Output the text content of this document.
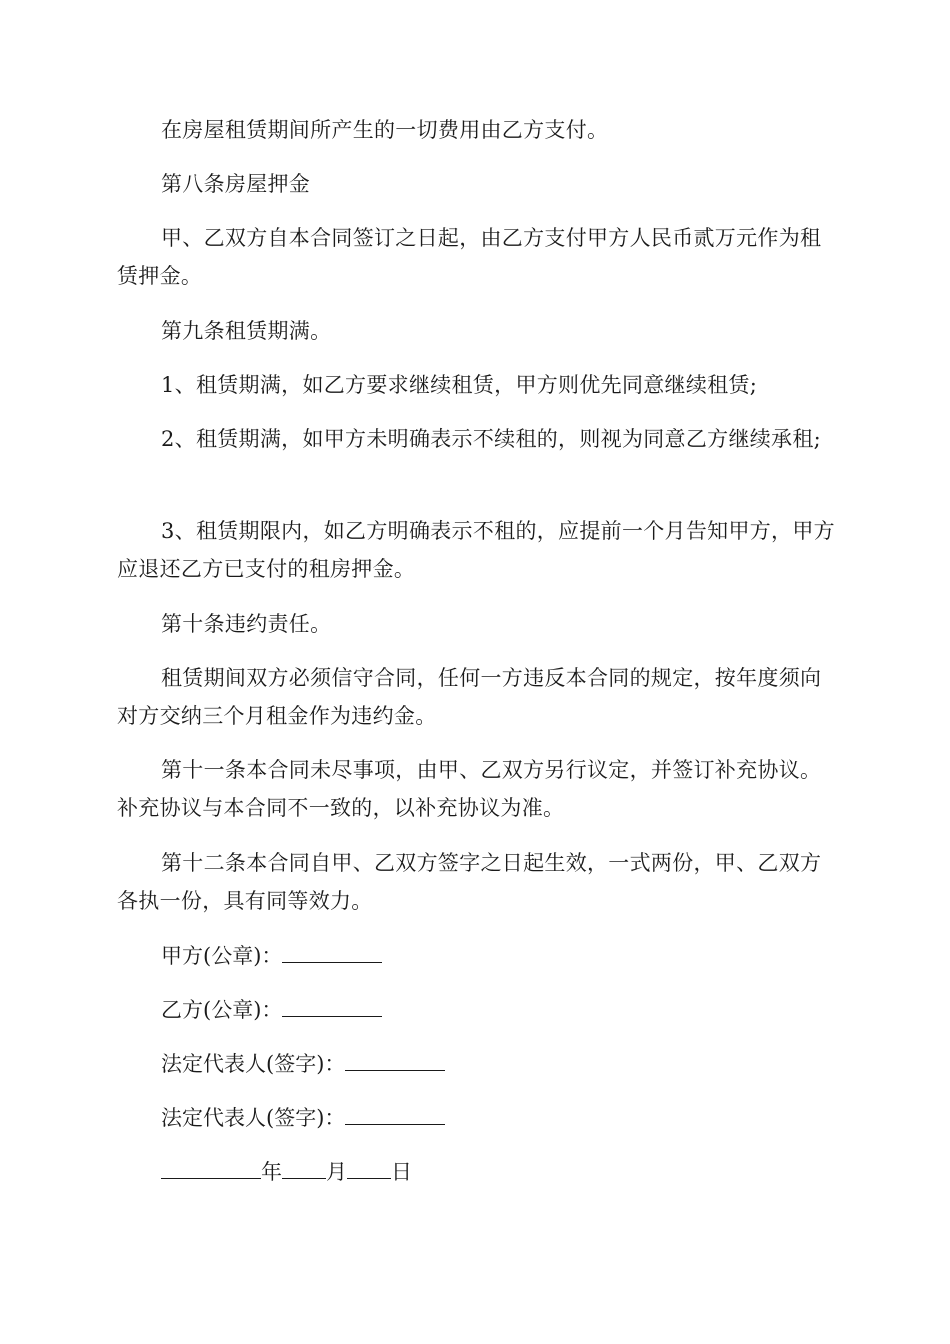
在房屋租赁期间所产生的一切费用由乙方支付。

第八条房屋押金

甲、乙双方自本合同签订之日起，由乙方支付甲方人民币贰万元作为租赁押金。

第九条租赁期满。

1、租赁期满，如乙方要求继续租赁，甲方则优先同意继续租赁;

2、租赁期满，如甲方未明确表示不续租的，则视为同意乙方继续承租;

3、租赁期限内，如乙方明确表示不租的，应提前一个月告知甲方，甲方应退还乙方已支付的租房押金。

第十条违约责任。

租赁期间双方必须信守合同，任何一方违反本合同的规定，按年度须向对方交纳三个月租金作为违约金。

第十一条本合同未尽事项，由甲、乙双方另行议定，并签订补充协议。补充协议与本合同不一致的，以补充协议为准。

第十二条本合同自甲、乙双方签字之日起生效，一式两份，甲、乙双方各执一份，具有同等效力。

甲方(公章)：
乙方(公章)：
法定代表人(签字)：
法定代表人(签字)：
年 月 日
